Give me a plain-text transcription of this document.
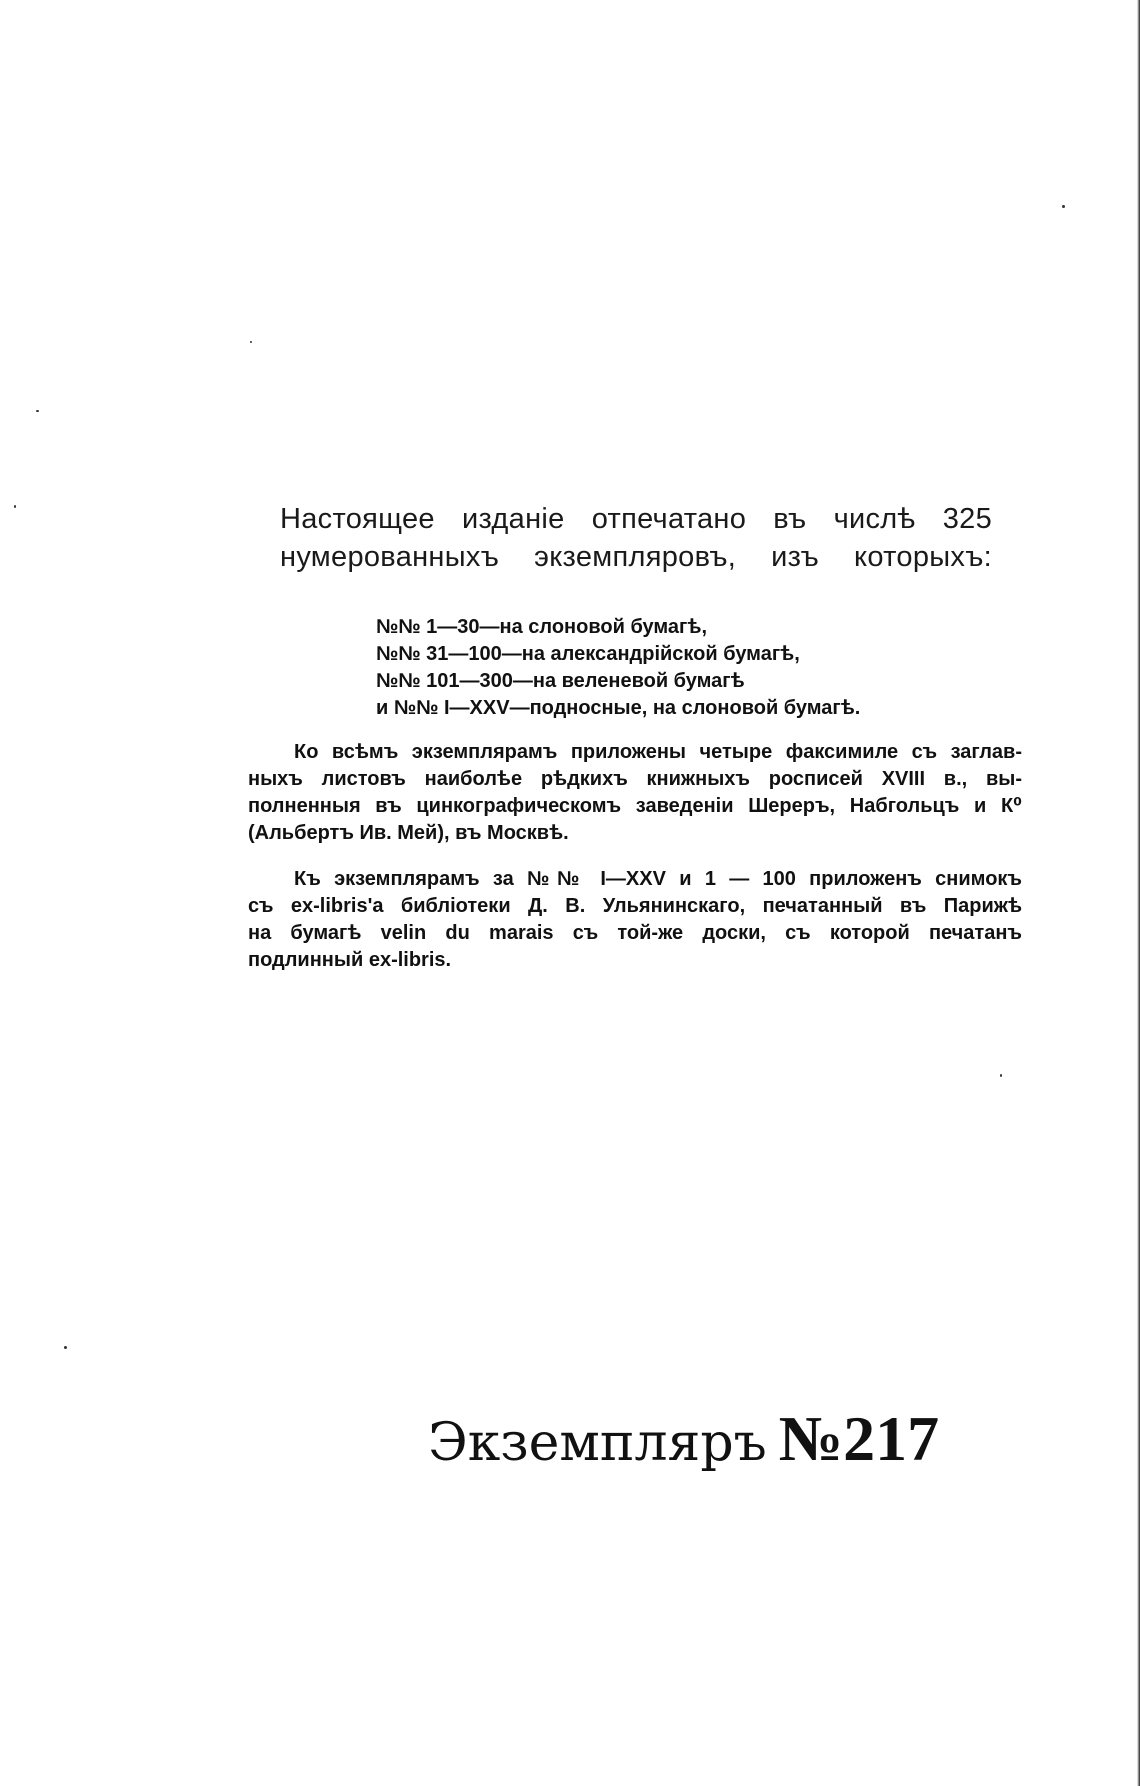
Настоящее изданіе отпечатано въ числѣ 325
нумерованныхъ экземпляровъ, изъ которыхъ:
№№ 1—30—на слоновой бумагѣ,
№№ 31—100—на александрійской бумагѣ,
№№ 101—300—на веленевой бумагѣ
и №№ I—XXV—подносные, на слоновой бумагѣ.
Ко всѣмъ экземплярамъ приложены четыре факсимиле съ заглав-
ныхъ листовъ наиболѣе рѣдкихъ книжныхъ росписей XVIII в., вы-
полненныя въ цинкографическомъ заведеніи Шереръ, Набгольцъ и К⁰
(Альбертъ Ив. Мей), въ Москвѣ.
Къ экземплярамъ за №№ I—XXV и 1 — 100 приложенъ снимокъ
съ ex-libris'а библіотеки Д. В. Ульянинскаго, печатанный въ Парижѣ
на бумагѣ velin du marais съ той-же доски, съ которой печатанъ
подлинный ex-libris.
Экземпляръ №217
